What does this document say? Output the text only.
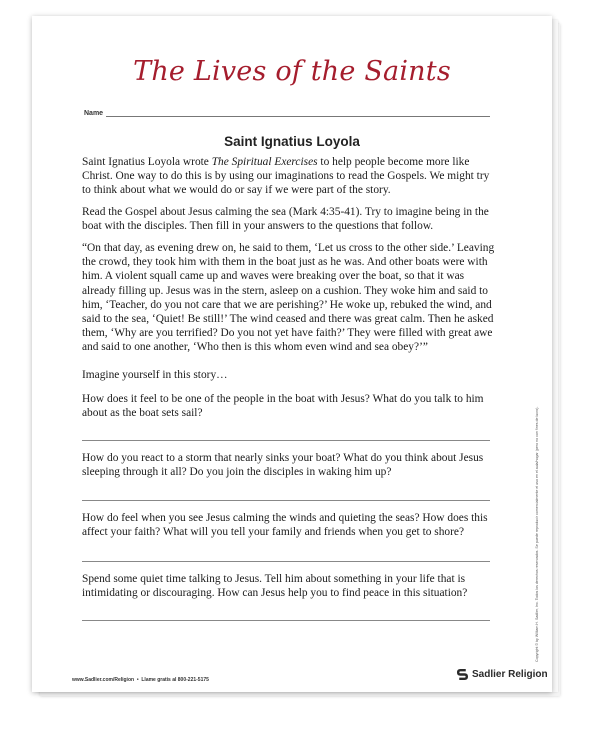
The Lives of the Saints
Name
Saint Ignatius Loyola

Saint Ignatius Loyola wrote The Spiritual Exercises to help people become more like Christ. One way to do this is by using our imaginations to read the Gospels. We might try to think about what we would do or say if we were part of the story.

Read the Gospel about Jesus calming the sea (Mark 4:35-41). Try to imagine being in the boat with the disciples. Then fill in your answers to the questions that follow.

“On that day, as evening drew on, he said to them, ‘Let us cross to the other side.’ Leaving the crowd, they took him with them in the boat just as he was. And other boats were with him. A violent squall came up and waves were breaking over the boat, so that it was already filling up. Jesus was in the stern, asleep on a cushion. They woke him and said to him, ‘Teacher, do you not care that we are perishing?’ He woke up, rebuked the wind, and said to the sea, ‘Quiet! Be still!’ The wind ceased and there was great calm. Then he asked them, ‘Why are you terrified? Do you not yet have faith?’ They were filled with great awe and said to one another, ‘Who then is this whom even wind and sea obey?’”

Imagine yourself in this story…

How does it feel to be one of the people in the boat with Jesus? What do you talk to him about as the boat sets sail?

How do you react to a storm that nearly sinks your boat? What do you think about Jesus sleeping through it all? Do you join the disciples in waking him up?

How do feel when you see Jesus calming the winds and quieting the seas? How does this affect your faith? What will you tell your family and friends when you get to shore?

Spend some quiet time talking to Jesus. Tell him about something in your life that is intimidating or discouraging. How can Jesus help you to find peace in this situation?

www.Sadlier.com/Religion  •  Llame gratis al 800-221-5175	Sadlier Religion
Copyright © by William H. Sadlier, Inc. Todos los derechos reservados. Se puede reproducir comercialmente el uso en el aula/hogar (pero no con fines de lucro).
